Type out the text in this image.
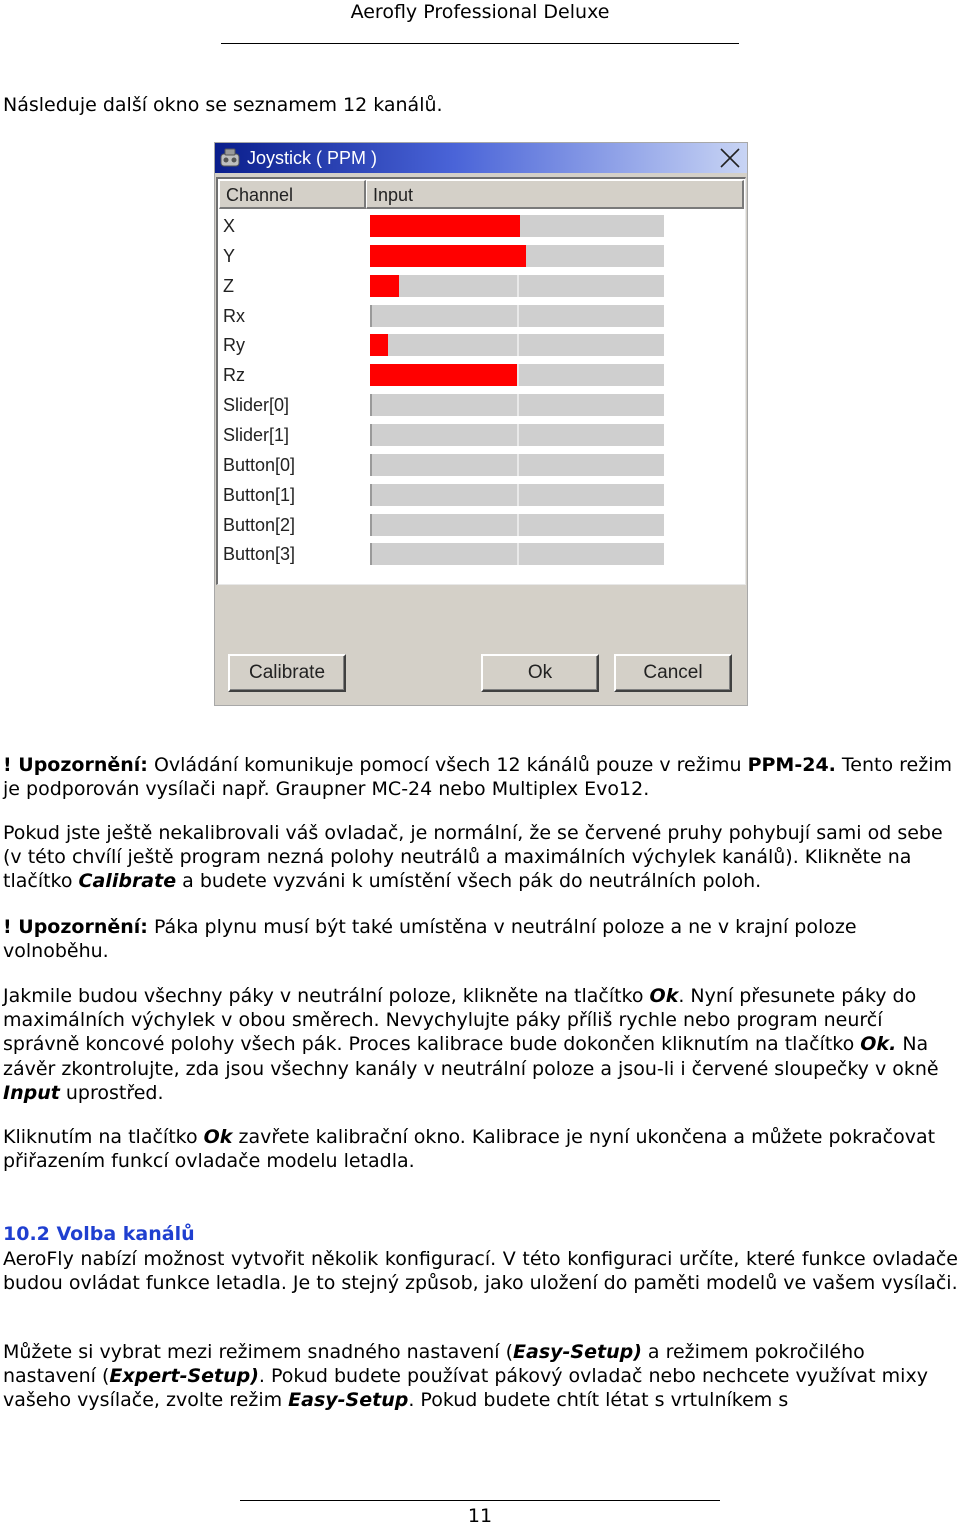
Aerofly Professional Deluxe

Následuje další okno se seznamem 12 kanálů.

Joystick ( PPM )
Channel	Input
X
Y
Z
Rx
Ry
Rz
Slider[0]
Slider[1]
Button[0]
Button[1]
Button[2]
Button[3]
Calibrate	Ok	Cancel

! Upozornění: Ovládání komunikuje pomocí všech 12 kánálů pouze v režimu PPM-24. Tento režim je podporován vysílači např. Graupner MC-24 nebo Multiplex Evo12.

Pokud jste ještě nekalibrovali váš ovladač, je normální, že se červené pruhy pohybují sami od sebe (v této chvílí ještě program nezná polohy neutrálů a maximálních výchylek kanálů). Klikněte na tlačítko Calibrate a budete vyzváni k umístění všech pák do neutrálních poloh.

! Upozornění: Páka plynu musí být také umístěna v neutrální poloze a ne v krajní poloze volnoběhu.

Jakmile budou všechny páky v neutrální poloze, klikněte na tlačítko Ok. Nyní přesunete páky do maximálních výchylek v obou směrech. Nevychylujte páky příliš rychle nebo program neurčí správně koncové polohy všech pák. Proces kalibrace bude dokončen kliknutím na tlačítko Ok. Na závěr zkontrolujte, zda jsou všechny kanály v neutrální poloze a jsou-li i červené sloupečky v okně Input uprostřed.

Kliknutím na tlačítko Ok zavřete kalibrační okno. Kalibrace je nyní ukončena a můžete pokračovat přiřazením funkcí ovladače modelu letadla.

10.2 Volba kanálů

AeroFly nabízí možnost vytvořit několik konfigurací. V této konfiguraci určíte, které funkce ovladače budou ovládat funkce letadla. Je to stejný způsob, jako uložení do paměti modelů ve vašem vysílači.

Můžete si vybrat mezi režimem snadného nastavení (Easy-Setup) a režimem pokročilého nastavení (Expert-Setup). Pokud budete používat pákový ovladač nebo nechcete využívat mixy vašeho vysílače, zvolte režim Easy-Setup. Pokud budete chtít létat s vrtulníkem s

11
